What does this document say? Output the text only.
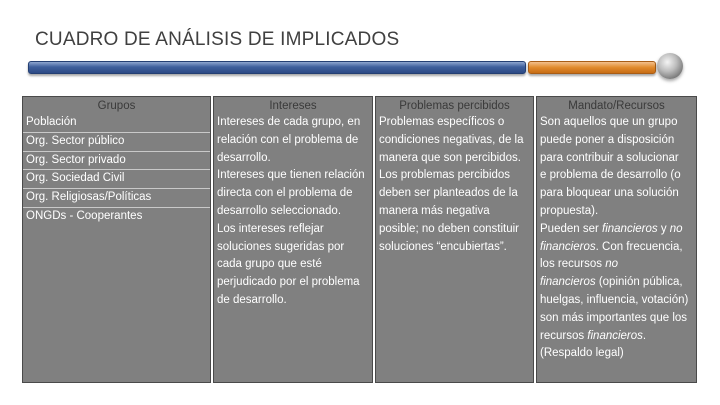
CUADRO DE ANÁLISIS DE IMPLICADOS
Grupos
Población
Org. Sector público
Org. Sector privado
Org. Sociedad Civil
Org. Religiosas/Políticas
ONGDs - Cooperantes
Intereses
Intereses de cada grupo, en
relación con el problema de
desarrollo.
Intereses que tienen relación
directa con el problema de
desarrollo seleccionado.
Los intereses reflejar
soluciones sugeridas por
cada grupo que esté
perjudicado por el problema
de desarrollo.
Problemas percibidos
Problemas específicos o
condiciones negativas, de la
manera que son percibidos.
Los problemas percibidos
deben ser planteados de la
manera más negativa
posible; no deben constituir
soluciones “encubiertas”.
Mandato/Recursos
Son aquellos que un grupo
puede poner a disposición
para contribuir a solucionar
e problema de desarrollo (o
para bloquear una solución
propuesta).
Pueden ser financieros y no
financieros. Con frecuencia,
los recursos no
financieros (opinión pública,
huelgas, influencia, votación)
son más importantes que los
recursos financieros.
(Respaldo legal)
